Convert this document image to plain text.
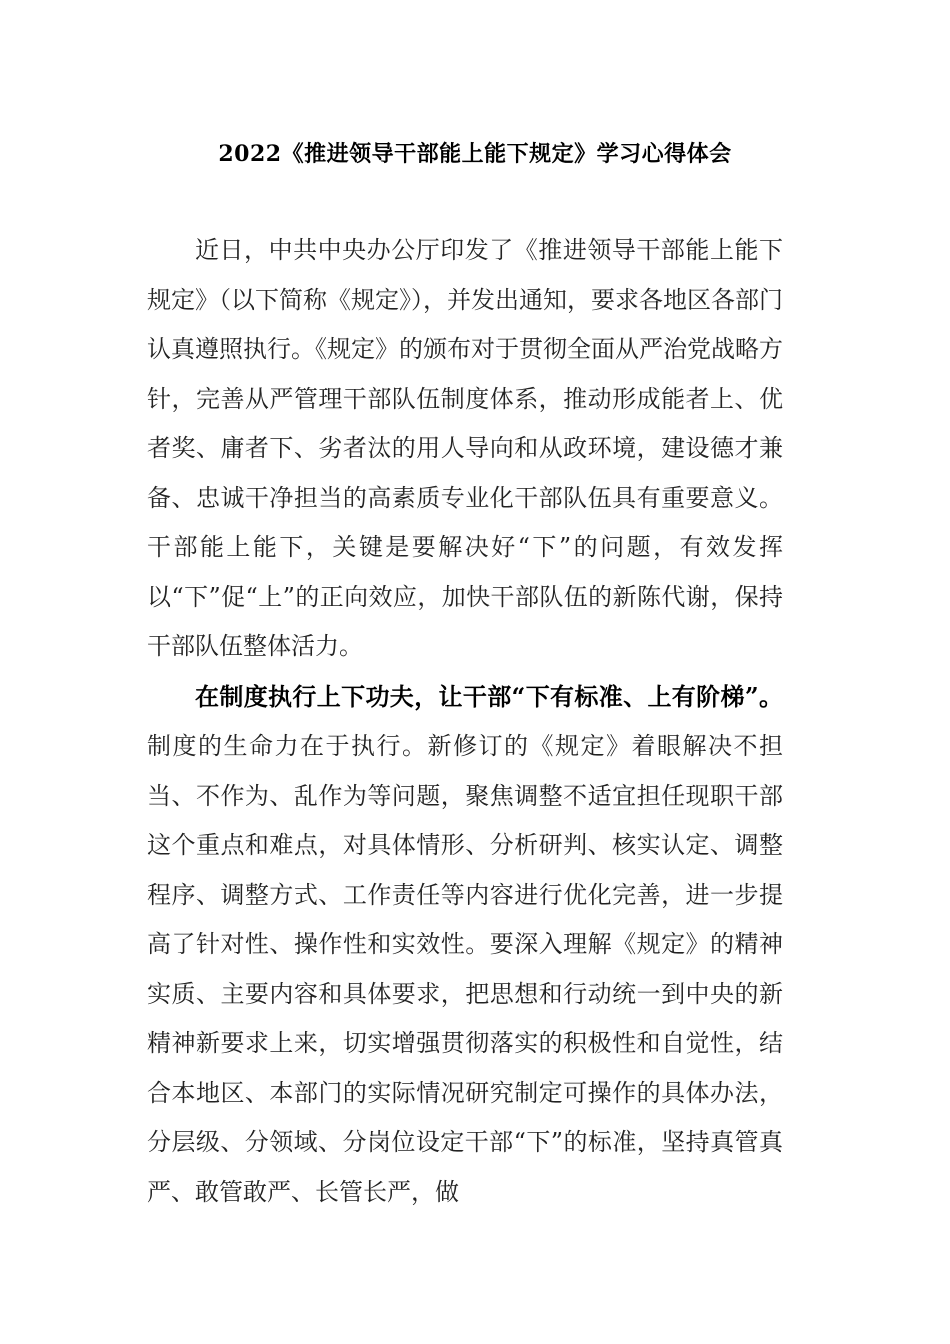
2022《推进领导干部能上能下规定》学习心得体会

近日，中共中央办公厅印发了《推进领导干部能上能下规定》（以下简称《规定》），并发出通知，要求各地区各部门认真遵照执行。《规定》的颁布对于贯彻全面从严治党战略方针，完善从严管理干部队伍制度体系，推动形成能者上、优者奖、庸者下、劣者汰的用人导向和从政环境，建设德才兼备、忠诚干净担当的高素质专业化干部队伍具有重要意义。干部能上能下，关键是要解决好“下”的问题，有效发挥以“下”促“上”的正向效应，加快干部队伍的新陈代谢，保持干部队伍整体活力。

在制度执行上下功夫，让干部“下有标准、上有阶梯”。制度的生命力在于执行。新修订的《规定》着眼解决不担当、不作为、乱作为等问题，聚焦调整不适宜担任现职干部这个重点和难点，对具体情形、分析研判、核实认定、调整程序、调整方式、工作责任等内容进行优化完善，进一步提高了针对性、操作性和实效性。要深入理解《规定》的精神实质、主要内容和具体要求，把思想和行动统一到中央的新精神新要求上来，切实增强贯彻落实的积极性和自觉性，结合本地区、本部门的实际情况研究制定可操作的具体办法，分层级、分领域、分岗位设定干部“下”的标准，坚持真管真严、敢管敢严、长管长严，做
